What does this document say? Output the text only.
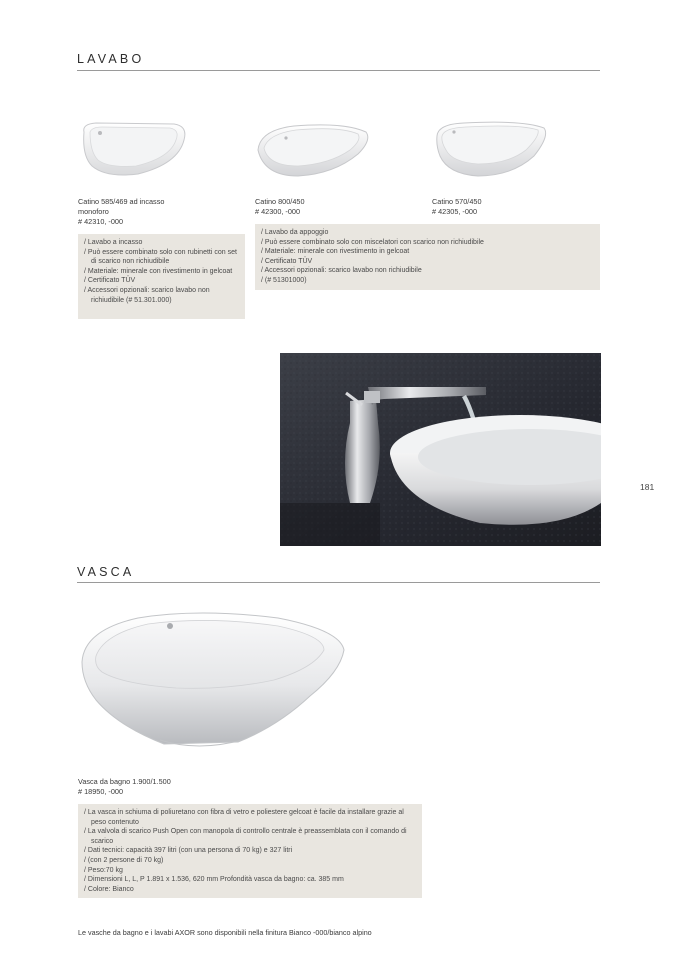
LAVABO
Catino 585/469 ad incasso
monoforo
# 42310, -000
Catino 800/450
# 42300, -000
Catino 570/450
# 42305, -000
/ Lavabo a incasso
/ Può essere combinato solo con rubinetti con set di scarico non richiudibile
/ Materiale: minerale con rivestimento in gelcoat
/ Certificato TÜV
/ Accessori opzionali: scarico lavabo non richiudibile (# 51.301.000)
/ Lavabo da appoggio
/ Può essere combinato solo con miscelatori con scarico non richiudibile
/ Materiale: minerale con rivestimento in gelcoat
/ Certificato TÜV
/ Accessori opzionali: scarico lavabo non richiudibile
/ (# 51301000)
181
VASCA
Vasca da bagno 1.900/1.500
# 18950, -000
/ La vasca in schiuma di poliuretano con fibra di vetro e poliestere gelcoat è facile da installare grazie al peso contenuto
/ La valvola di scarico Push Open con manopola di controllo centrale è preassemblata con il comando di scarico
/ Dati tecnici: capacità 397 litri (con una persona di 70 kg) e 327 litri
/ (con 2 persone di 70 kg)
/ Peso:70 kg
/ Dimensioni L, L, P 1.891 x 1.536, 620 mm Profondità vasca da bagno: ca. 385 mm
/ Colore: Bianco
Le vasche da bagno e i lavabi AXOR sono disponibili nella finitura Bianco -000/bianco alpino
